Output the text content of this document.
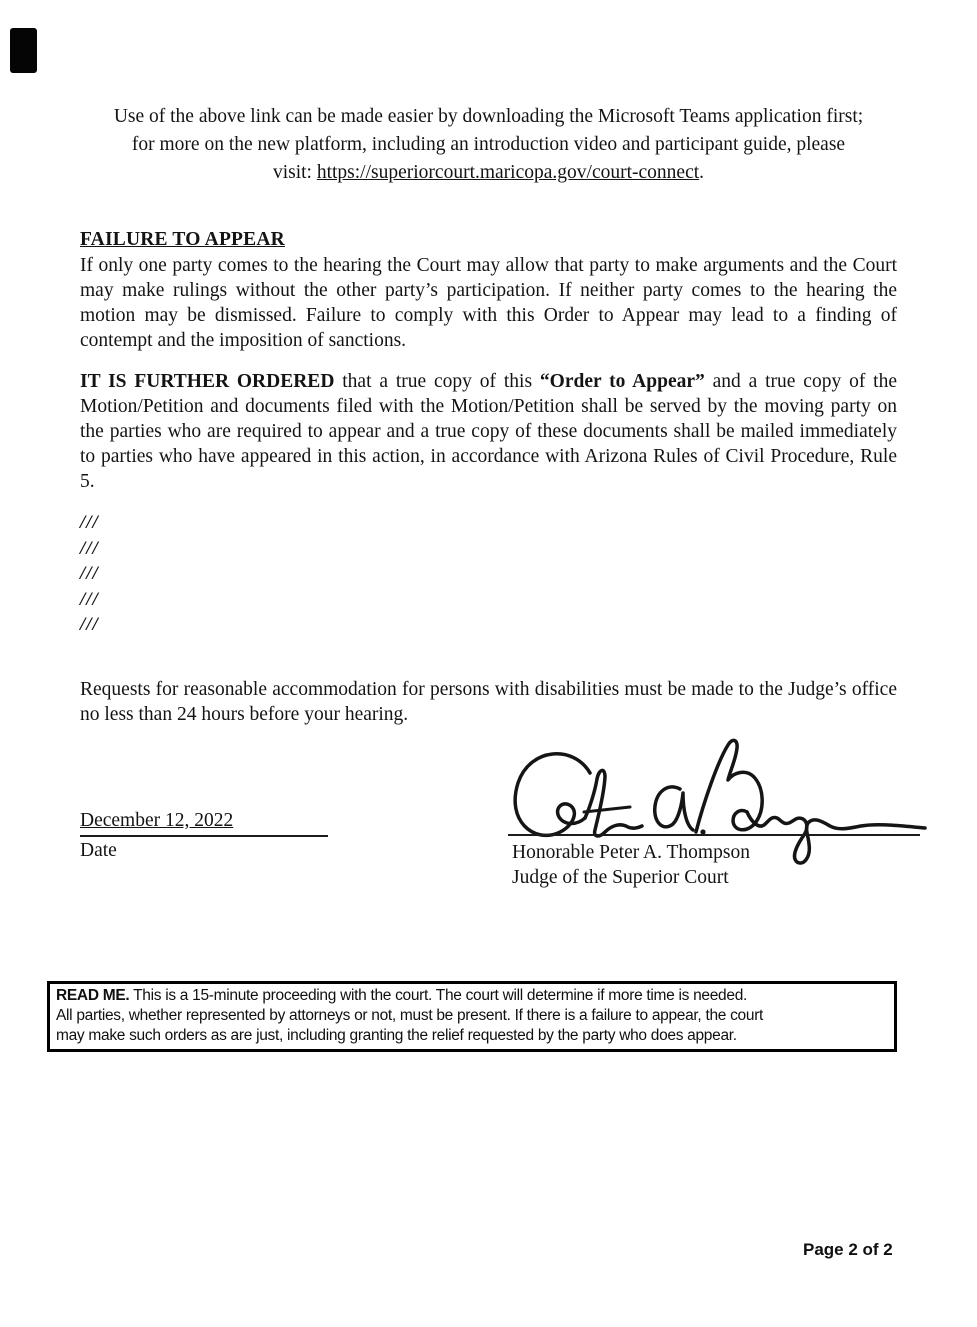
Use of the above link can be made easier by downloading the Microsoft Teams application first;
for more on the new platform, including an introduction video and participant guide, please
visit: https://superiorcourt.maricopa.gov/court-connect.
FAILURE TO APPEAR
If only one party comes to the hearing the Court may allow that party to make arguments and the Court may make rulings without the other party’s participation. If neither party comes to the hearing the motion may be dismissed. Failure to comply with this Order to Appear may lead to a finding of contempt and the imposition of sanctions.
IT IS FURTHER ORDERED that a true copy of this “Order to Appear” and a true copy of the Motion/Petition and documents filed with the Motion/Petition shall be served by the moving party on the parties who are required to appear and a true copy of these documents shall be mailed immediately to parties who have appeared in this action, in accordance with Arizona Rules of Civil Procedure, Rule 5.
///
///
///
///
///
Requests for reasonable accommodation for persons with disabilities must be made to the Judge’s office no less than 24 hours before your hearing.
December 12, 2022
Date	Honorable Peter A. Thompson
Judge of the Superior Court
READ ME. This is a 15-minute proceeding with the court. The court will determine if more time is needed.
All parties, whether represented by attorneys or not, must be present. If there is a failure to appear, the court
may make such orders as are just, including granting the relief requested by the party who does appear.
Page 2 of 2
